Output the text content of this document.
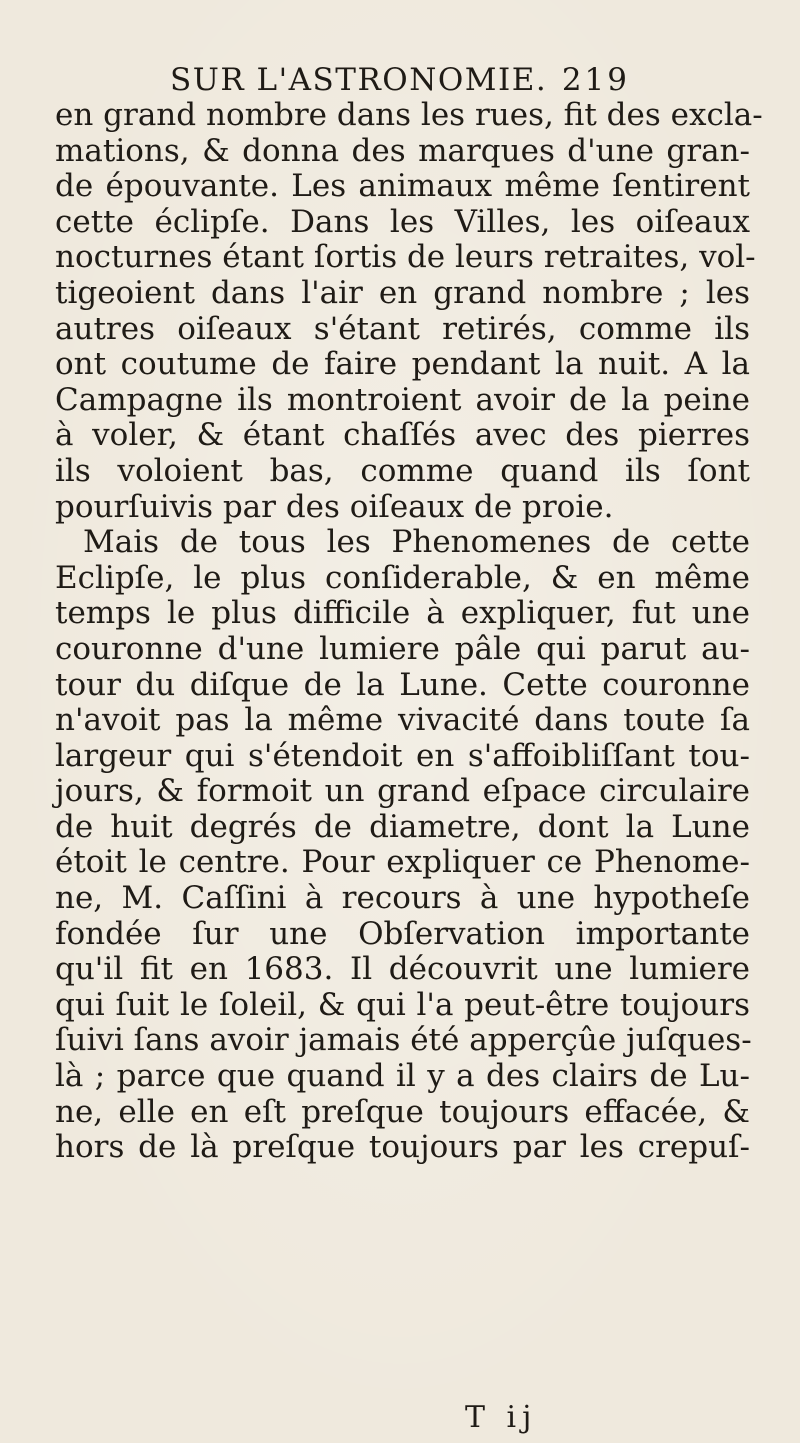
SUR L'ASTRONOMIE. 219
en grand nombre dans les rues, fit des excla-
mations, & donna des marques d'une gran-
de épouvante. Les animaux même ſentirent
cette éclipſe. Dans les Villes, les oiſeaux
nocturnes étant ſortis de leurs retraites, vol-
tigeoient dans l'air en grand nombre ; les
autres oiſeaux s'étant retirés, comme ils
ont coutume de faire pendant la nuit. A la
Campagne ils montroient avoir de la peine
à voler, & étant chaſſés avec des pierres
ils voloient bas, comme quand ils ſont
pourſuivis par des oiſeaux de proie.
Mais de tous les Phenomenes de cette
Eclipſe, le plus conſiderable, & en même
temps le plus difficile à expliquer, fut une
couronne d'une lumiere pâle qui parut au-
tour du diſque de la Lune. Cette couronne
n'avoit pas la même vivacité dans toute ſa
largeur qui s'étendoit en s'affoibliſſant tou-
jours, & formoit un grand eſpace circulaire
de huit degrés de diametre, dont la Lune
étoit le centre. Pour expliquer ce Phenome-
ne, M. Caſſini à recours à une hypotheſe
fondée ſur une Obſervation importante
qu'il fit en 1683. Il découvrit une lumiere
qui ſuit le ſoleil, & qui l'a peut-être toujours
ſuivi ſans avoir jamais été apperçûe juſques-
là ; parce que quand il y a des clairs de Lu-
ne, elle en eſt preſque toujours effacée, &
hors de là preſque toujours par les crepuſ-
T ij
